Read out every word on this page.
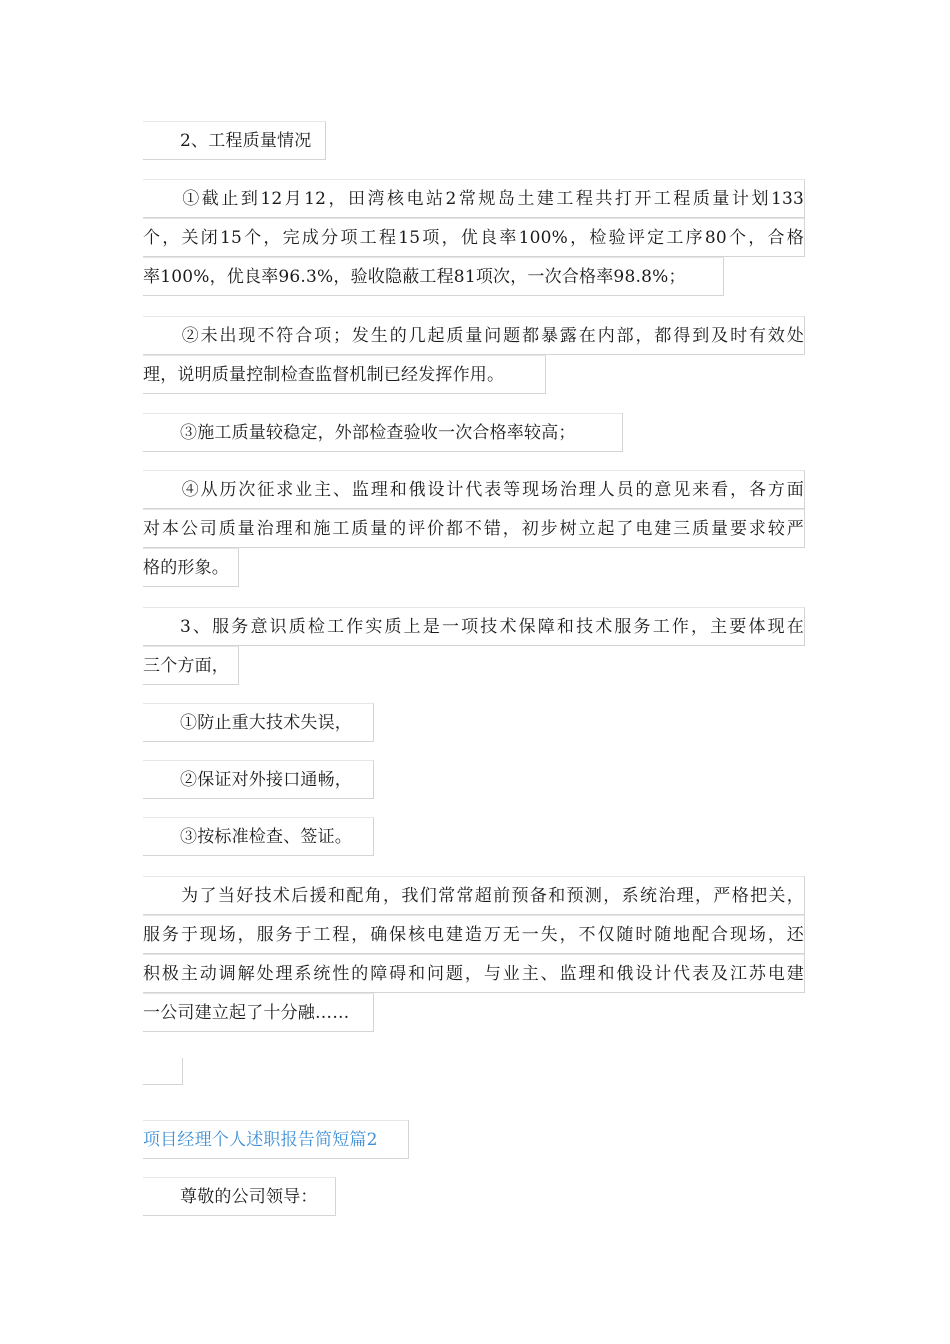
2、工程质量情况
①截止到12月12，田湾核电站2常规岛土建工程共打开工程质量计划133
个，关闭15个，完成分项工程15项，优良率100%，检验评定工序80个，合格
率100%，优良率96.3%，验收隐蔽工程81项次，一次合格率98.8%；
②未出现不符合项；发生的几起质量问题都暴露在内部，都得到及时有效处
理，说明质量控制检查监督机制已经发挥作用。
③施工质量较稳定，外部检查验收一次合格率较高；
④从历次征求业主、监理和俄设计代表等现场治理人员的意见来看，各方面
对本公司质量治理和施工质量的评价都不错，初步树立起了电建三质量要求较严
格的形象。
3、服务意识质检工作实质上是一项技术保障和技术服务工作，主要体现在
三个方面，
①防止重大技术失误，
②保证对外接口通畅，
③按标准检查、签证。
为了当好技术后援和配角，我们常常超前预备和预测，系统治理，严格把关，
服务于现场，服务于工程，确保核电建造万无一失，不仅随时随地配合现场，还
积极主动调解处理系统性的障碍和问题，与业主、监理和俄设计代表及江苏电建
一公司建立起了十分融……
项目经理个人述职报告简短篇2
尊敬的公司领导：
